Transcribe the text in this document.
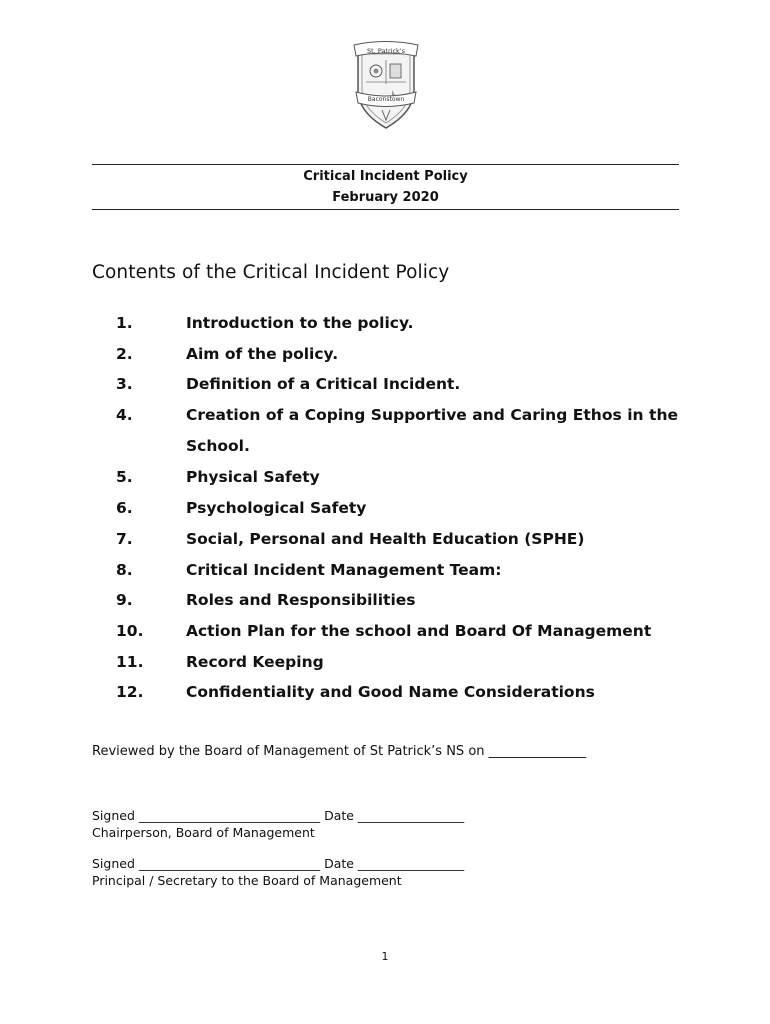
St. Patrick's
Baconstown
Critical Incident Policy
February 2020
Contents of the Critical Incident Policy
1.	Introduction to the policy.
2.	Aim of the policy.
3.	Definition of a Critical Incident.
4.	Creation of a Coping Supportive and Caring Ethos in the School.
5.	Physical Safety
6.	Psychological Safety
7.	Social, Personal and Health Education (SPHE)
8.	Critical Incident Management Team:
9.	Roles and Responsibilities
10.	Action Plan for the school and Board Of Management
11.	Record Keeping
12.	Confidentiality and Good Name Considerations
Reviewed by the Board of Management of St Patrick’s NS on _______________
Signed _____________________________ Date _________________
Chairperson, Board of Management
Signed _____________________________ Date _________________
Principal / Secretary to the Board of Management
1
